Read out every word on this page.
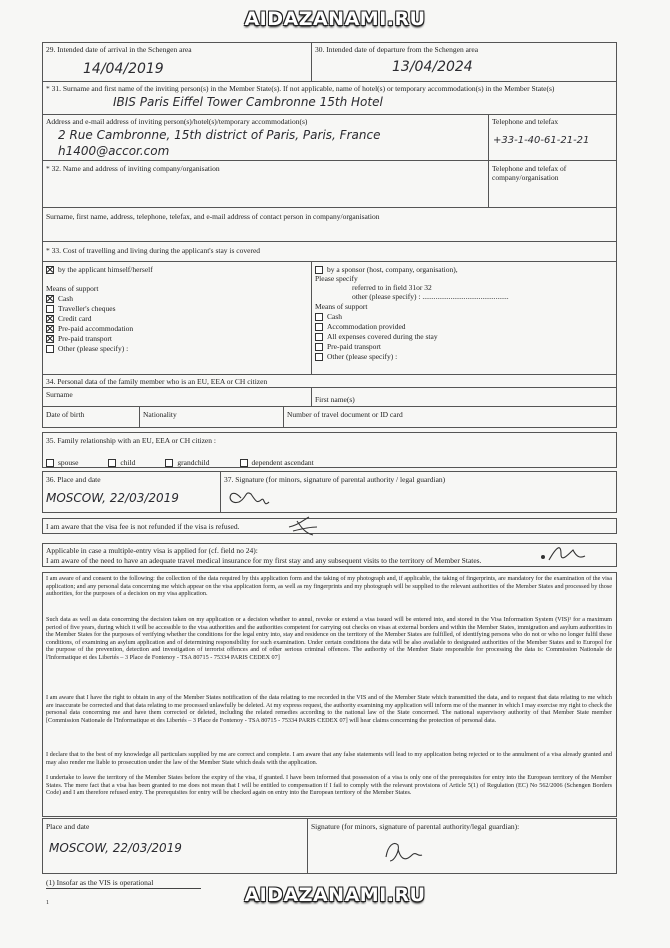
AIDAZANAMI.RU
29. Intended date of arrival in the Schengen area
14/04/2019
30. Intended date of departure from the Schengen area
13/04/2024
* 31. Surname and first name of the inviting person(s) in the Member State(s). If not applicable, name of hotel(s) or temporary accommodation(s) in the Member State(s)
IBIS Paris Eiffel Tower Cambronne 15th Hotel
Address and e-mail address of inviting person(s)/hotel(s)/temporary accommodation(s)
2 Rue Cambronne, 15th district of Paris, Paris, France
h1400@accor.com
Telephone and telefax
+33-1-40-61-21-21
* 32. Name and address of inviting company/organisation	Telephone and telefax of company/organisation
Surname, first name, address, telephone, telefax, and e-mail address of contact person in company/organisation
* 33. Cost of travelling and living during the applicant's stay is covered
by the applicant himself/herself
Means of support
Cash
Traveller's cheques
Credit card
Pre-paid accommodation
Pre-paid transport
Other (please specify) :
by a sponsor (host, company, organisation),
Please specify
referred to in field 31or 32
other (please specify) : ..............................................
Means of support
Cash
Accommodation provided
All expenses covered during the stay
Pre-paid transport
Other (please specify) :
34. Personal data of the family member who is an EU, EEA or CH citizen
Surname
First name(s)
Date of birth	Nationality	Number of travel document or ID card
35. Family relationship with an EU, EEA or CH citizen :
spouse	child	grandchild	dependent ascendant
36. Place and date
MOSCOW, 22/03/2019
37. Signature (for minors, signature of parental authority / legal guardian)
I am aware that the visa fee is not refunded if the visa is refused.
Applicable in case a multiple-entry visa is applied for (cf. field no 24):
I am aware of the need to have an adequate travel medical insurance for my first stay and any subsequent visits to the territory of Member States.
I am aware of and consent to the following: the collection of the data required by this application form and the taking of my photograph and, if applicable, the taking of fingerprints, are mandatory for the examination of the visa application; and any personal data concerning me which appear on the visa application form, as well as my fingerprints and my photograph will be supplied to the relevant authorities of the Member States and processed by those authorities, for the purposes of a decision on my visa application.
Such data as well as data concerning the decision taken on my application or a decision whether to annul, revoke or extend a visa issued will be entered into, and stored in the Visa Information System (VIS)¹ for a maximum period of five years, during which it will be accessible to the visa authorities and the authorities competent for carrying out checks on visas at external borders and within the Member States, immigration and asylum authorities in the Member States for the purposes of verifying whether the conditions for the legal entry into, stay and residence on the territory of the Member States are fulfilled, of identifying persons who do not or who no longer fulfil these conditions, of examining an asylum application and of determining responsibility for such examination. Under certain conditions the data will be also available to designated authorities of the Member States and to Europol for the purpose of the prevention, detection and investigation of terrorist offences and of other serious criminal offences. The authority of the Member State responsible for processing the data is: Commission Nationale de l'Informatique et des Libertés – 3 Place de Fontenoy - TSA 80715 - 75334 PARIS CEDEX 07]
I am aware that I have the right to obtain in any of the Member States notification of the data relating to me recorded in the VIS and of the Member State which transmitted the data, and to request that data relating to me which are inaccurate be corrected and that data relating to me processed unlawfully be deleted. At my express request, the authority examining my application will inform me of the manner in which I may exercise my right to check the personal data concerning me and have them corrected or deleted, including the related remedies according to the national law of the State concerned. The national supervisory authority of that Member State member [Commission Nationale de l'Informatique et des Libertés – 3 Place de Fontenoy - TSA 80715 - 75334 PARIS CEDEX 07] will hear claims concerning the protection of personal data.
I declare that to the best of my knowledge all particulars supplied by me are correct and complete. I am aware that any false statements will lead to my application being rejected or to the annulment of a visa already granted and may also render me liable to prosecution under the law of the Member State which deals with the application.
I undertake to leave the territory of the Member States before the expiry of the visa, if granted. I have been informed that possession of a visa is only one of the prerequisites for entry into the European territory of the Member States. The mere fact that a visa has been granted to me does not mean that I will be entitled to compensation if I fail to comply with the relevant provisions of Article 5(1) of Regulation (EC) No 562/2006 (Schengen Borders Code) and I am therefore refused entry. The prerequisites for entry will be checked again on entry into the European territory of the Member States.
Place and date
MOSCOW, 22/03/2019
Signature (for minors, signature of parental authority/legal guardian):
(1) Insofar as the VIS is operational
1	AIDAZANAMI.RU
